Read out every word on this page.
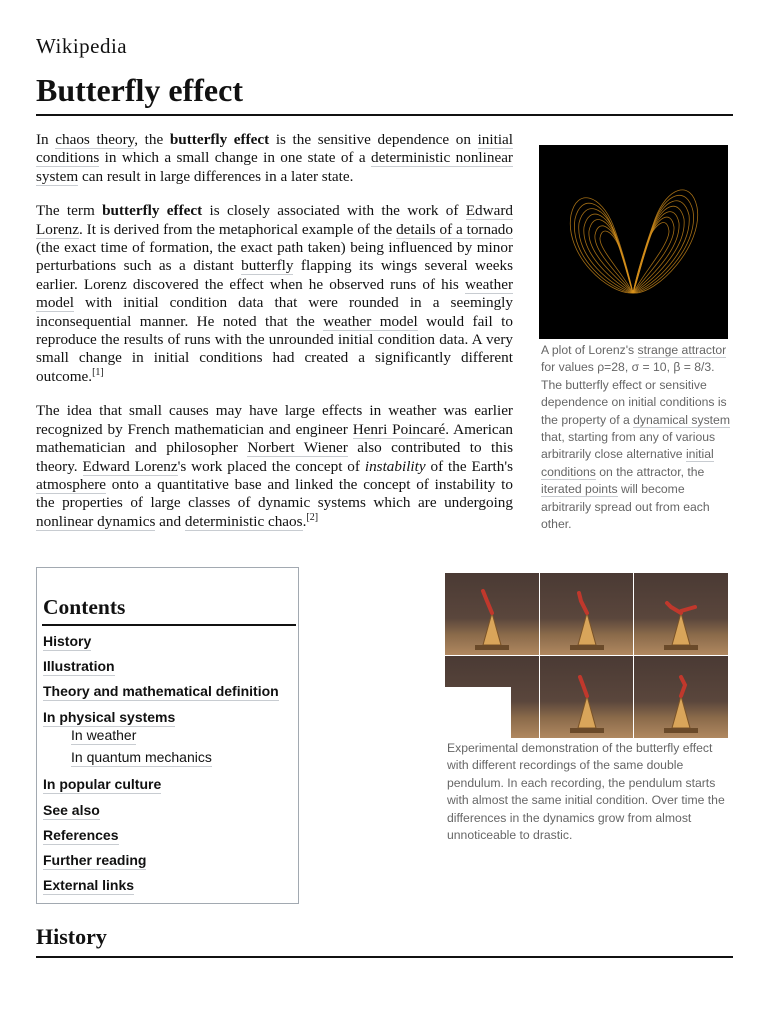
Wikipedia
Butterfly effect

In chaos theory, the butterfly effect is the sensitive dependence on initial conditions in which a small change in one state of a deterministic nonlinear system can result in large differences in a later state.

The term butterfly effect is closely associated with the work of Edward Lorenz. It is derived from the metaphorical example of the details of a tornado (the exact time of formation, the exact path taken) being influenced by minor perturbations such as a distant butterfly flapping its wings several weeks earlier. Lorenz discovered the effect when he observed runs of his weather model with initial condition data that were rounded in a seemingly inconsequential manner. He noted that the weather model would fail to reproduce the results of runs with the unrounded initial condition data. A very small change in initial conditions had created a significantly different outcome.[1]

The idea that small causes may have large effects in weather was earlier recognized by French mathematician and engineer Henri Poincaré. American mathematician and philosopher Norbert Wiener also contributed to this theory. Edward Lorenz's work placed the concept of instability of the Earth's atmosphere onto a quantitative base and linked the concept of instability to the properties of large classes of dynamic systems which are undergoing nonlinear dynamics and deterministic chaos.[2]

A plot of Lorenz's strange attractor for values ρ=28, σ = 10, β = 8/3. The butterfly effect or sensitive dependence on initial conditions is the property of a dynamical system that, starting from any of various arbitrarily close alternative initial conditions on the attractor, the iterated points will become arbitrarily spread out from each other.
Contents
History
Illustration
Theory and mathematical definition
In physical systems
In weather
In quantum mechanics
In popular culture
See also
References
Further reading
External links
Experimental demonstration of the butterfly effect with different recordings of the same double pendulum. In each recording, the pendulum starts with almost the same initial condition. Over time the differences in the dynamics grow from almost unnoticeable to drastic.
History
